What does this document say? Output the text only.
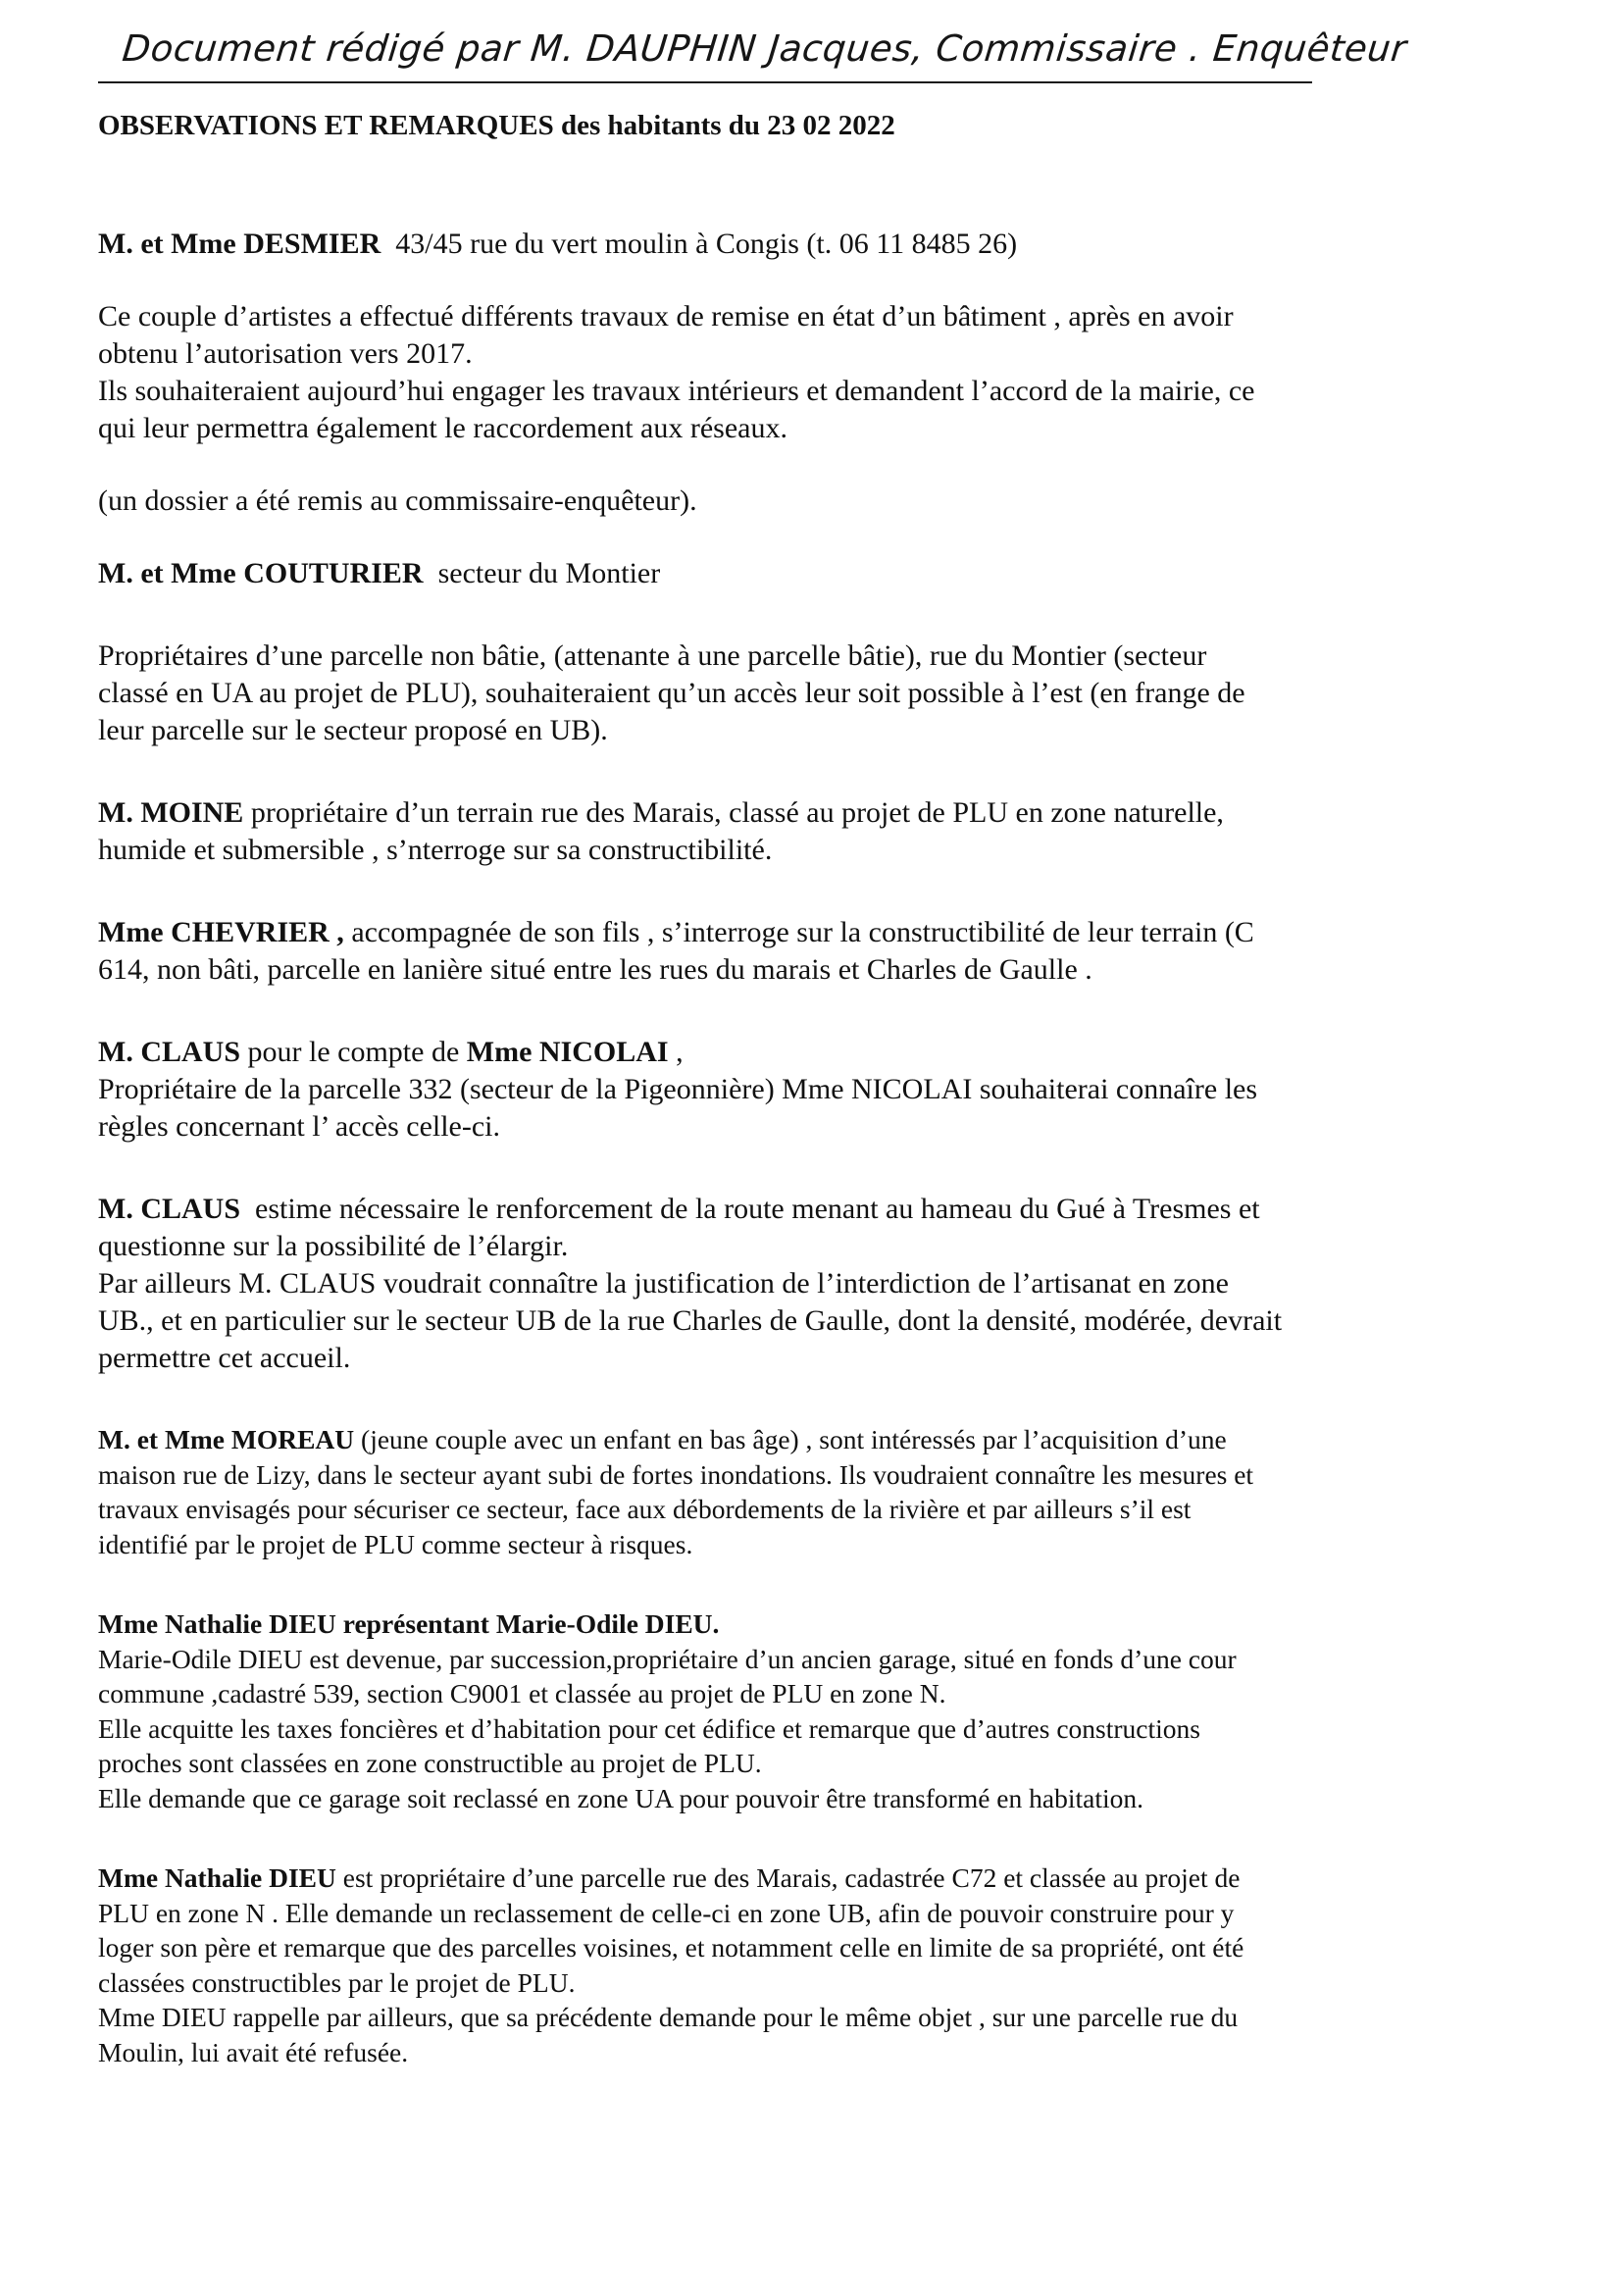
Document rédigé par M. DAUPHIN Jacques, Commissaire . Enquêteur
OBSERVATIONS ET REMARQUES des habitants du 23 02 2022

M. et Mme DESMIER 43/45 rue du vert moulin à Congis (t. 06 11 8485 26)

Ce couple d’artistes a effectué différents travaux de remise en état d’un bâtiment , après en avoir

obtenu l’autorisation vers 2017.

Ils souhaiteraient aujourd’hui engager les travaux intérieurs et demandent l’accord de la mairie, ce

qui leur permettra également le raccordement aux réseaux.

(un dossier a été remis au commissaire-enquêteur).

M. et Mme COUTURIER secteur du Montier

Propriétaires d’une parcelle non bâtie, (attenante à une parcelle bâtie), rue du Montier (secteur

classé en UA au projet de PLU), souhaiteraient qu’un accès leur soit possible à l’est (en frange de

leur parcelle sur le secteur proposé en UB).

M. MOINE propriétaire d’un terrain rue des Marais, classé au projet de PLU en zone naturelle,

humide et submersible , s’nterroge sur sa constructibilité.

Mme CHEVRIER , accompagnée de son fils , s’interroge sur la constructibilité de leur terrain (C

614, non bâti, parcelle en lanière situé entre les rues du marais et Charles de Gaulle .

M. CLAUS pour le compte de Mme NICOLAI ,

Propriétaire de la parcelle 332 (secteur de la Pigeonnière) Mme NICOLAI souhaiterai connaîre les

règles concernant l’ accès celle-ci.

M. CLAUS estime nécessaire le renforcement de la route menant au hameau du Gué à Tresmes et

questionne sur la possibilité de l’élargir.

Par ailleurs M. CLAUS voudrait connaître la justification de l’interdiction de l’artisanat en zone

UB., et en particulier sur le secteur UB de la rue Charles de Gaulle, dont la densité, modérée, devrait

permettre cet accueil.

M. et Mme MOREAU (jeune couple avec un enfant en bas âge) , sont intéressés par l’acquisition d’une

maison rue de Lizy, dans le secteur ayant subi de fortes inondations. Ils voudraient connaître les mesures et

travaux envisagés pour sécuriser ce secteur, face aux débordements de la rivière et par ailleurs s’il est

identifié par le projet de PLU comme secteur à risques.

Mme Nathalie DIEU représentant Marie-Odile DIEU.

Marie-Odile DIEU est devenue, par succession,propriétaire d’un ancien garage, situé en fonds d’une cour

commune ,cadastré 539, section C9001 et classée au projet de PLU en zone N.

Elle acquitte les taxes foncières et d’habitation pour cet édifice et remarque que d’autres constructions

proches sont classées en zone constructible au projet de PLU.

Elle demande que ce garage soit reclassé en zone UA pour pouvoir être transformé en habitation.

Mme Nathalie DIEU est propriétaire d’une parcelle rue des Marais, cadastrée C72 et classée au projet de

PLU en zone N . Elle demande un reclassement de celle-ci en zone UB, afin de pouvoir construire pour y

loger son père et remarque que des parcelles voisines, et notamment celle en limite de sa propriété, ont été

classées constructibles par le projet de PLU.

Mme DIEU rappelle par ailleurs, que sa précédente demande pour le même objet , sur une parcelle rue du

Moulin, lui avait été refusée.
